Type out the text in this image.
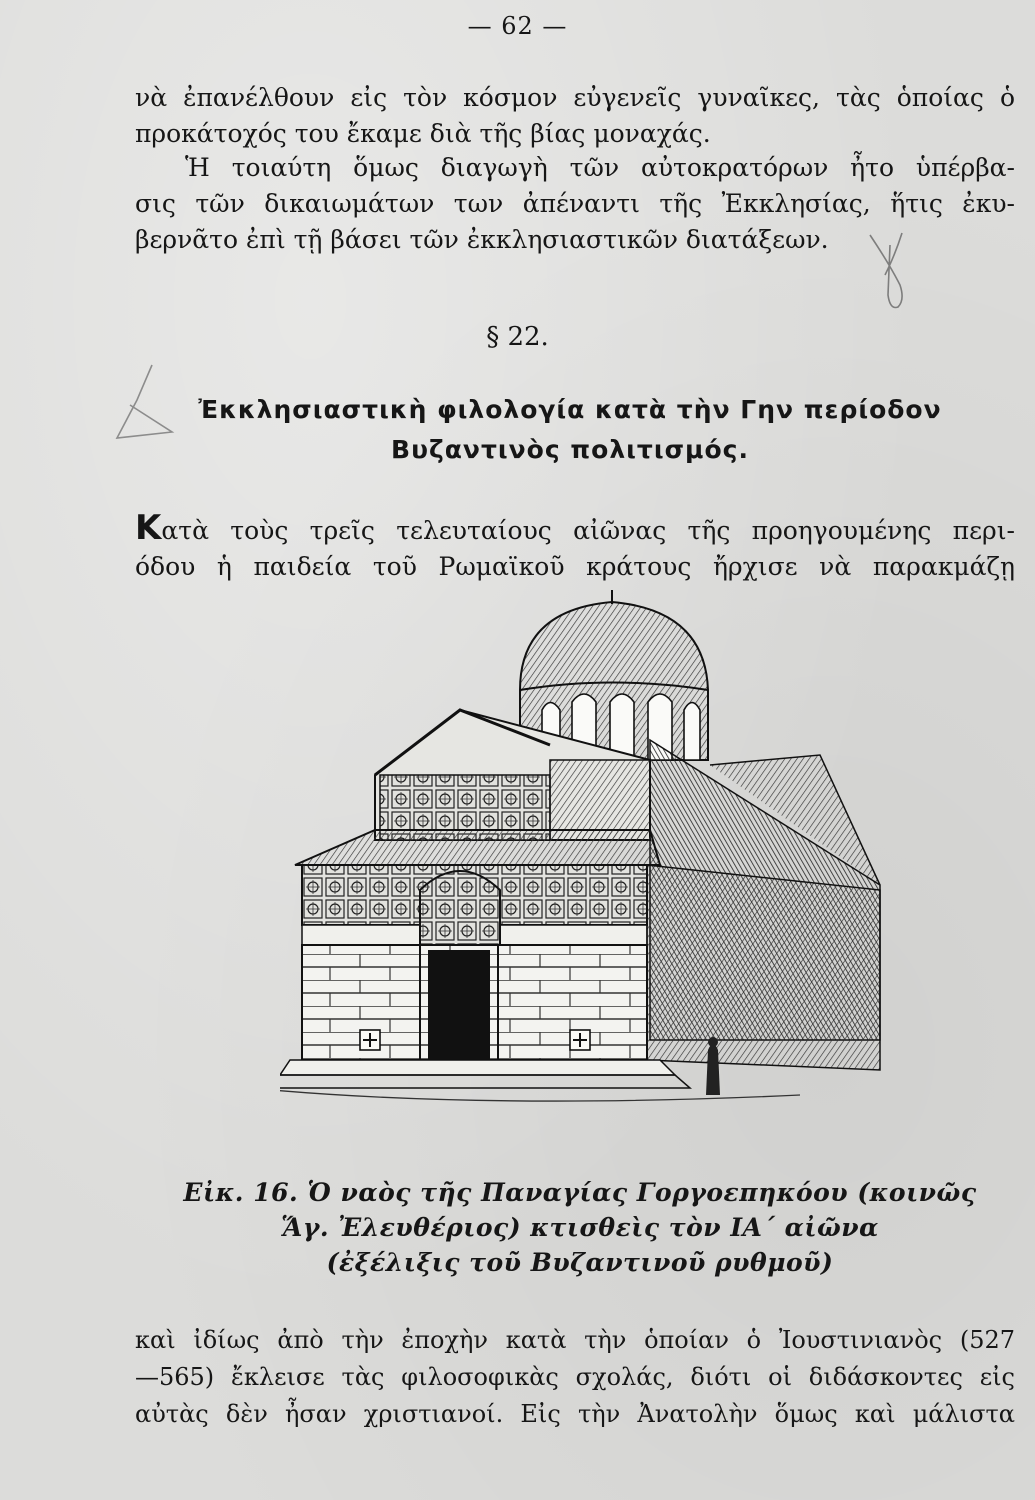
— 62 —
νὰ ἐπανέλθουν εἰς τὸν κόσμον εὐγενεῖς γυναῖκες, τὰς ὁποίας ὁ
προκάτοχός του ἔκαμε διὰ τῆς βίας μοναχάς.
Ἡ τοιαύτη ὅμως διαγωγὴ τῶν αὐτοκρατόρων ἦτο ὑπέρβα-
σις τῶν δικαιωμάτων των ἀπέναντι τῆς Ἐκκλησίας, ἥτις ἐκυ-
βερνᾶτο ἐπὶ τῇ βάσει τῶν ἐκκλησιαστικῶν διατάξεων.
§ 22.
Ἐκκλησιαστικὴ φιλολογία κατὰ τὴν Γην περίοδον
Βυζαντινὸς πολιτισμός.
Κατὰ τοὺς τρεῖς τελευταίους αἰῶνας τῆς προηγουμένης περι-
όδου ἡ παιδεία τοῦ Ρωμαϊκοῦ κράτους ἤρχισε νὰ παρακμάζῃ
Εἰκ. 16. Ὁ ναὸς τῆς Παναγίας Γοργοεπηκόου (κοινῶς
Ἅγ. Ἐλευθέριος) κτισθεὶς τὸν ΙΑ΄ αἰῶνα
(ἐξέλιξις τοῦ Βυζαντινοῦ ρυθμοῦ)
καὶ ἰδίως ἀπὸ τὴν ἐποχὴν κατὰ τὴν ὁποίαν ὁ Ἰουστινιανὸς (527
—565) ἔκλεισε τὰς φιλοσοφικὰς σχολάς, διότι οἱ διδάσκοντες εἰς
αὐτὰς δὲν ἦσαν χριστιανοί. Εἰς τὴν Ἀνατολὴν ὅμως καὶ μάλιστα
